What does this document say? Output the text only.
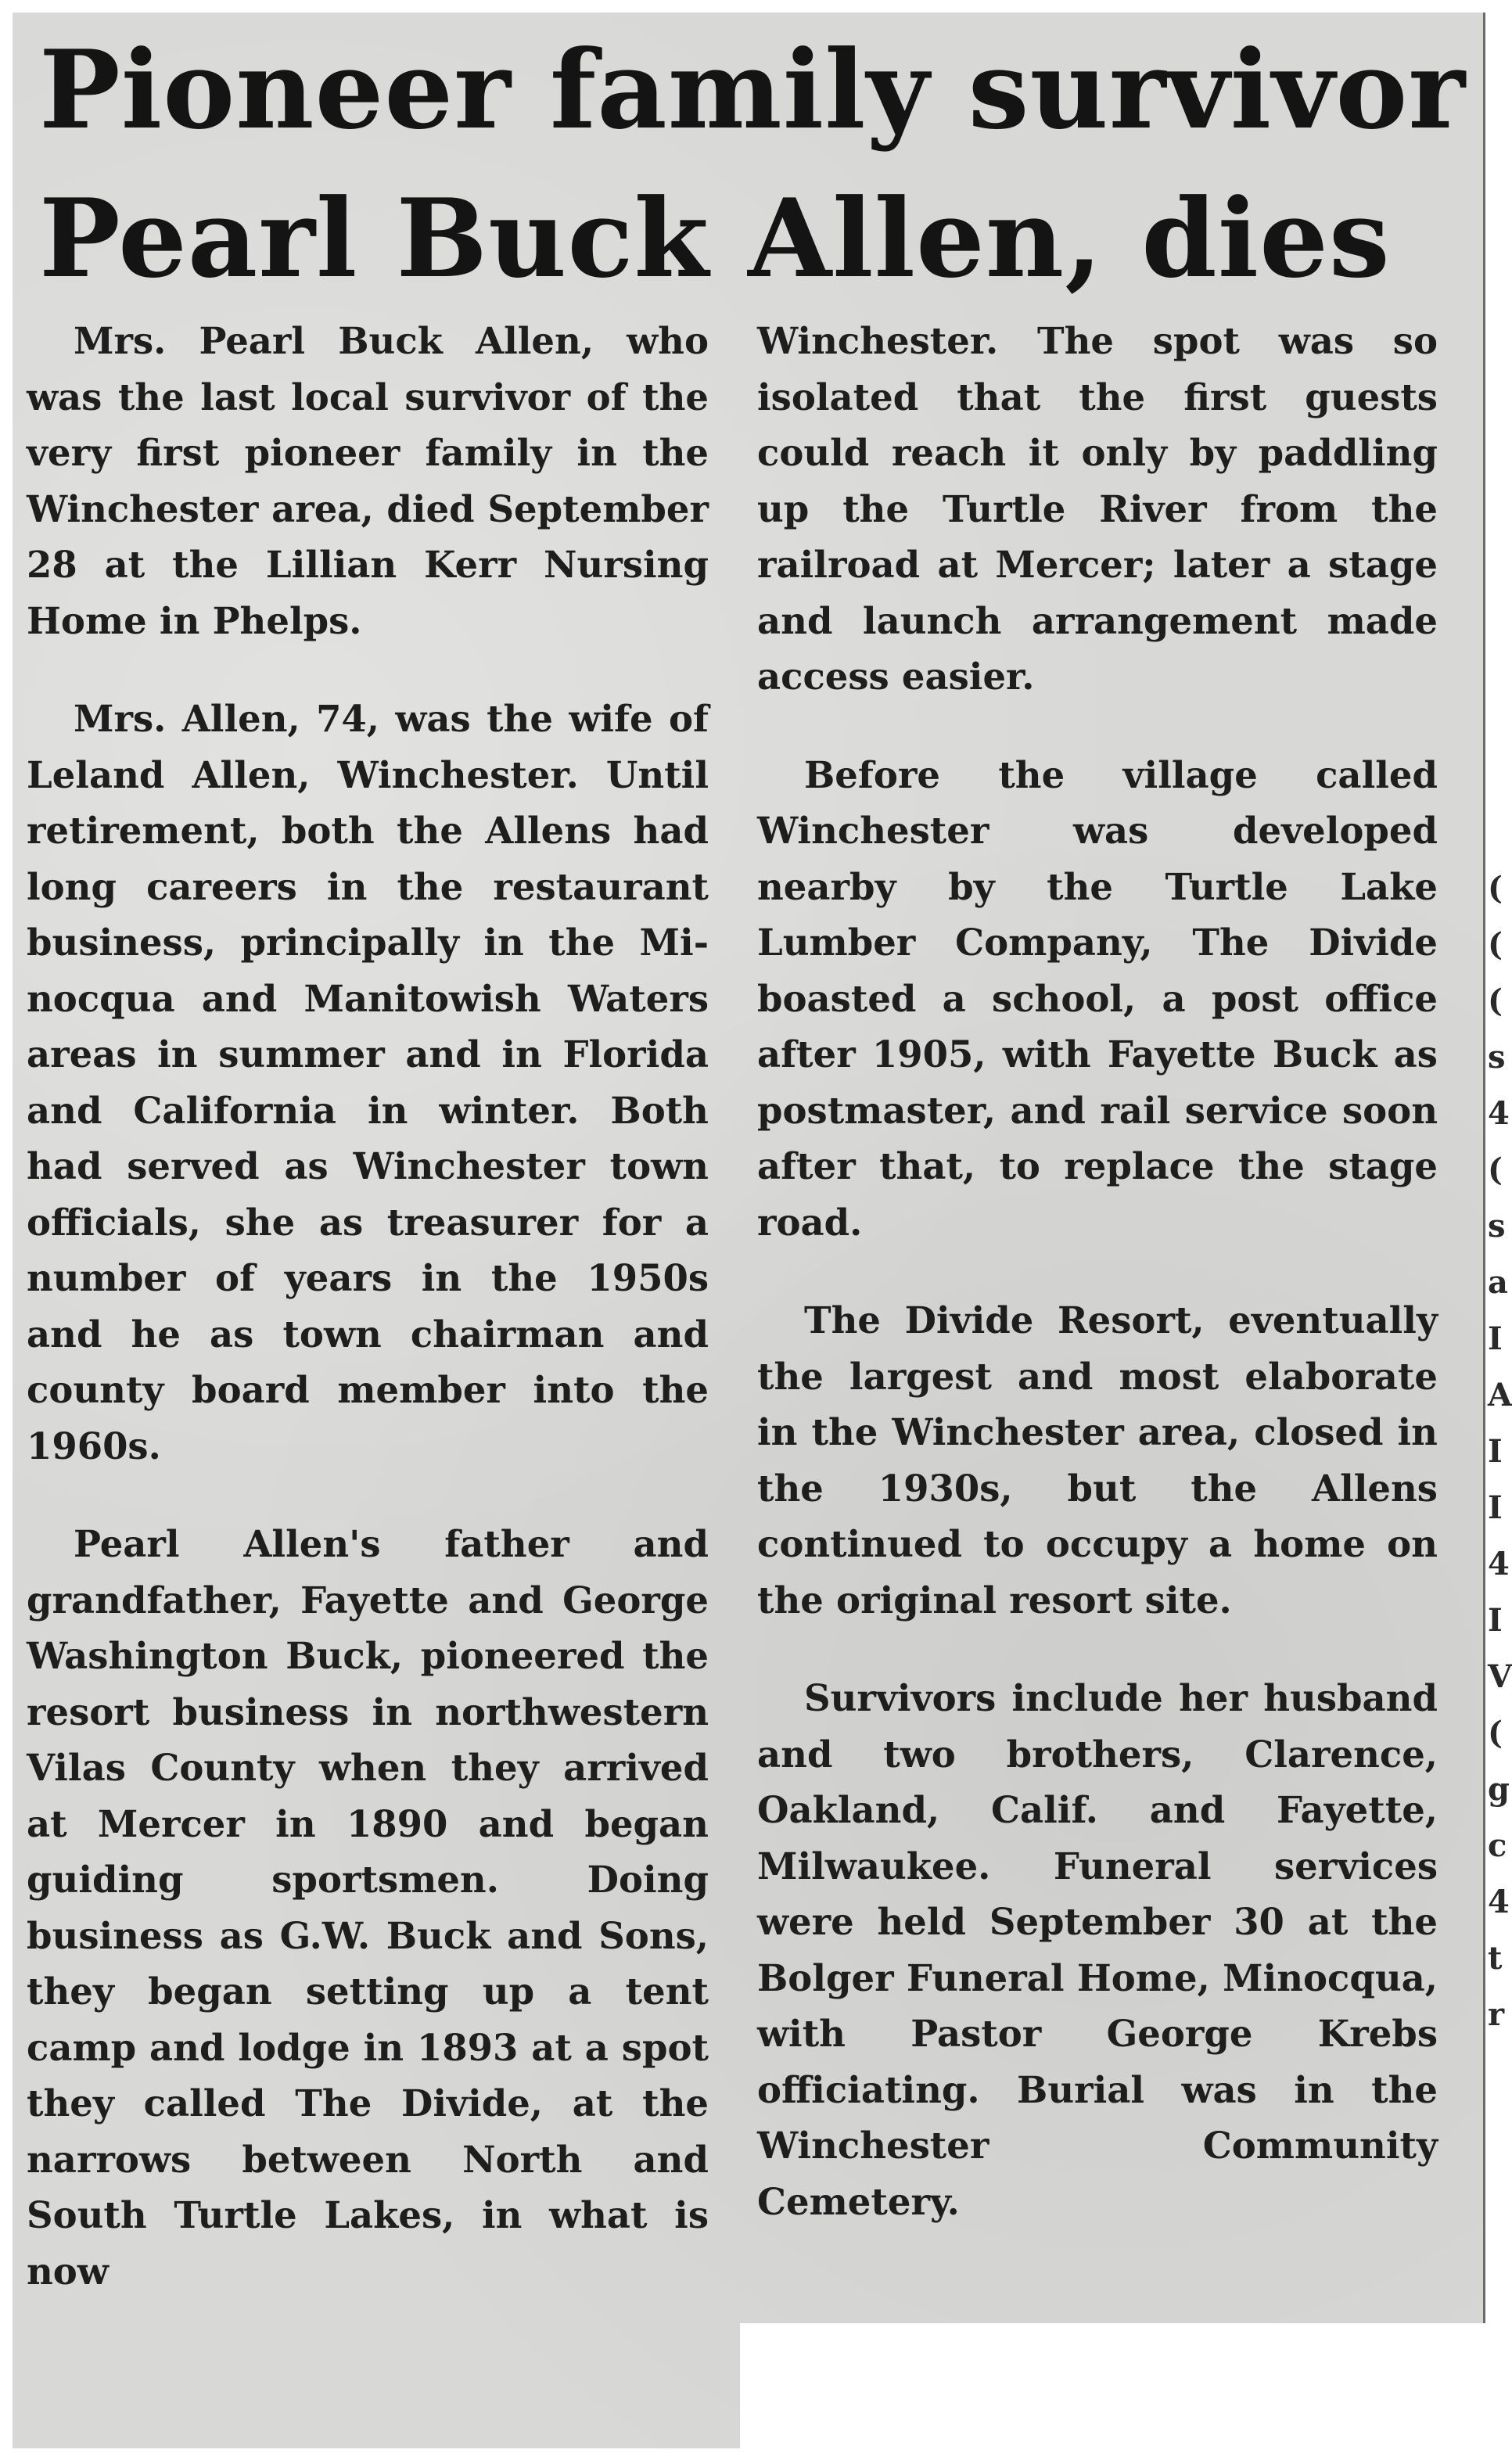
Pioneer family survivor
Pearl Buck Allen, dies

Mrs. Pearl Buck Allen, who was the last local survivor of the very first pioneer family in the Winchester area, died September 28 at the Lillian Kerr Nursing Home in Phelps.

Mrs. Allen, 74, was the wife of Leland Allen, Winchester. Until retirement, both the Allens had long careers in the restaurant business, principally in the Minocqua and Manitowish Waters areas in summer and in Florida and California in winter. Both had served as Winchester town officials, she as treasurer for a number of years in the 1950s and he as town chairman and county board member into the 1960s.

Pearl Allen's father and grandfather, Fayette and George Washington Buck, pioneered the resort business in northwestern Vilas County when they arrived at Mercer in 1890 and began guiding sportsmen. Doing business as G.W. Buck and Sons, they began setting up a tent camp and lodge in 1893 at a spot they called The Divide, at the narrows between North and South Turtle Lakes, in what is now

Winchester. The spot was so isolated that the first guests could reach it only by paddling up the Turtle River from the railroad at Mercer; later a stage and launch arrangement made access easier.

Before the village called Winchester was developed nearby by the Turtle Lake Lumber Company, The Divide boasted a school, a post office after 1905, with Fayette Buck as postmaster, and rail service soon after that, to replace the stage road.

The Divide Resort, eventually the largest and most elaborate in the Winchester area, closed in the 1930s, but the Allens continued to occupy a home on the original resort site.

Survivors include her husband and two brothers, Clarence, Oakland, Calif. and Fayette, Milwaukee. Funeral services were held September 30 at the Bolger Funeral Home, Minocqua, with Pastor George Krebs officiating. Burial was in the Winchester Community Cemetery.

(
(
(
s
4
(
s
a
I
A
I
I
4
I
V
(
g
c
4
t
r
